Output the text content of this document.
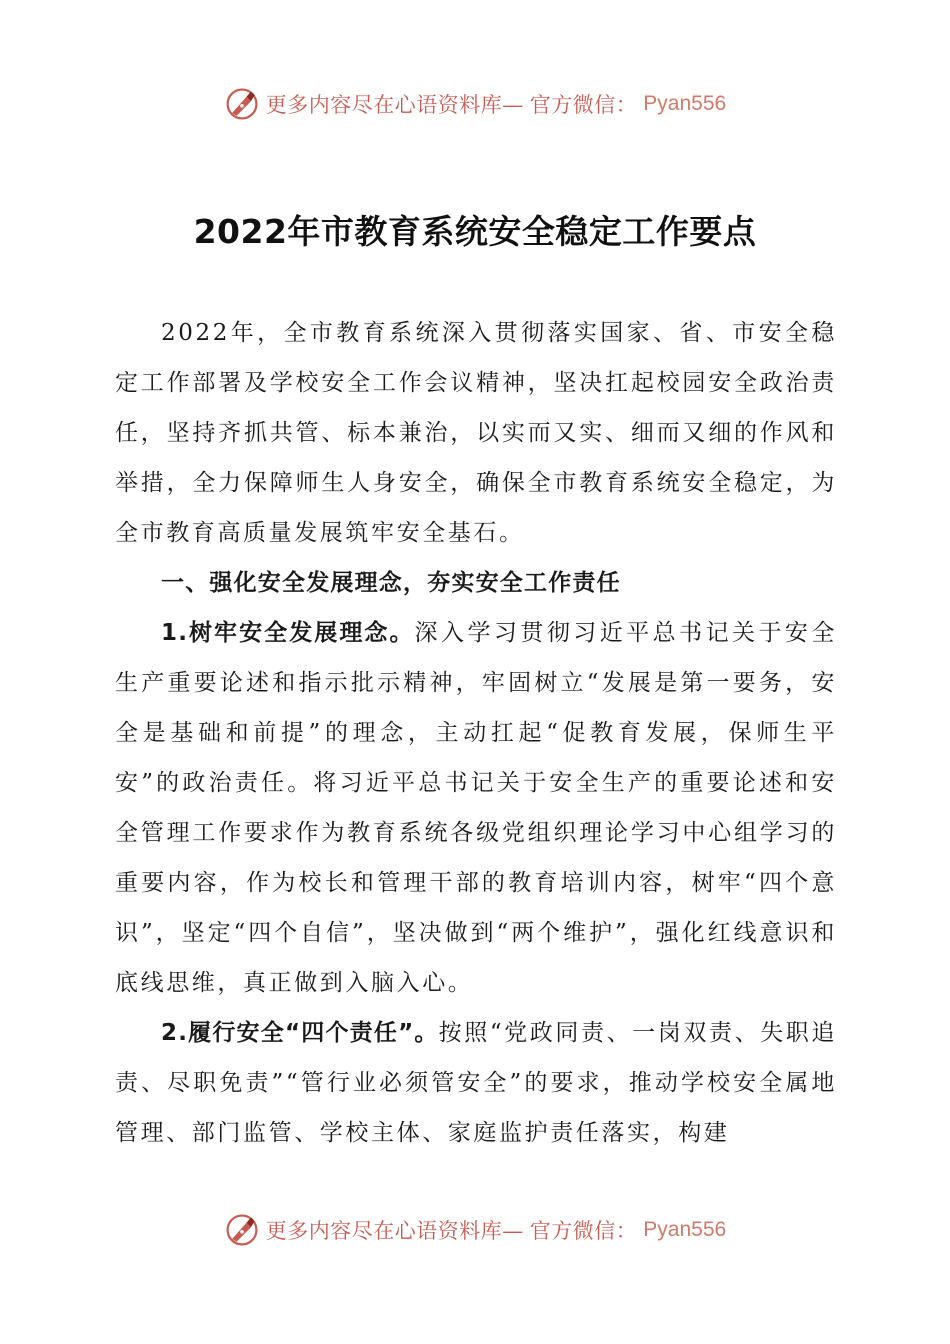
更多内容尽在心语资料库— 官方微信： Pyan556
2022年市教育系统安全稳定工作要点

2022年，全市教育系统深入贯彻落实国家、省、市安全稳定工作部署及学校安全工作会议精神，坚决扛起校园安全政治责任，坚持齐抓共管、标本兼治，以实而又实、细而又细的作风和举措，全力保障师生人身安全，确保全市教育系统安全稳定，为全市教育高质量发展筑牢安全基石。

一、强化安全发展理念，夯实安全工作责任

1.树牢安全发展理念。深入学习贯彻习近平总书记关于安全生产重要论述和指示批示精神，牢固树立“发展是第一要务，安全是基础和前提”的理念，主动扛起“促教育发展，保师生平安”的政治责任。将习近平总书记关于安全生产的重要论述和安全管理工作要求作为教育系统各级党组织理论学习中心组学习的重要内容，作为校长和管理干部的教育培训内容，树牢“四个意识”，坚定“四个自信”，坚决做到“两个维护”，强化红线意识和底线思维，真正做到入脑入心。

2.履行安全“四个责任”。按照“党政同责、一岗双责、失职追责、尽职免责”“管行业必须管安全”的要求，推动学校安全属地管理、部门监管、学校主体、家庭监护责任落实，构建

更多内容尽在心语资料库— 官方微信： Pyan556
